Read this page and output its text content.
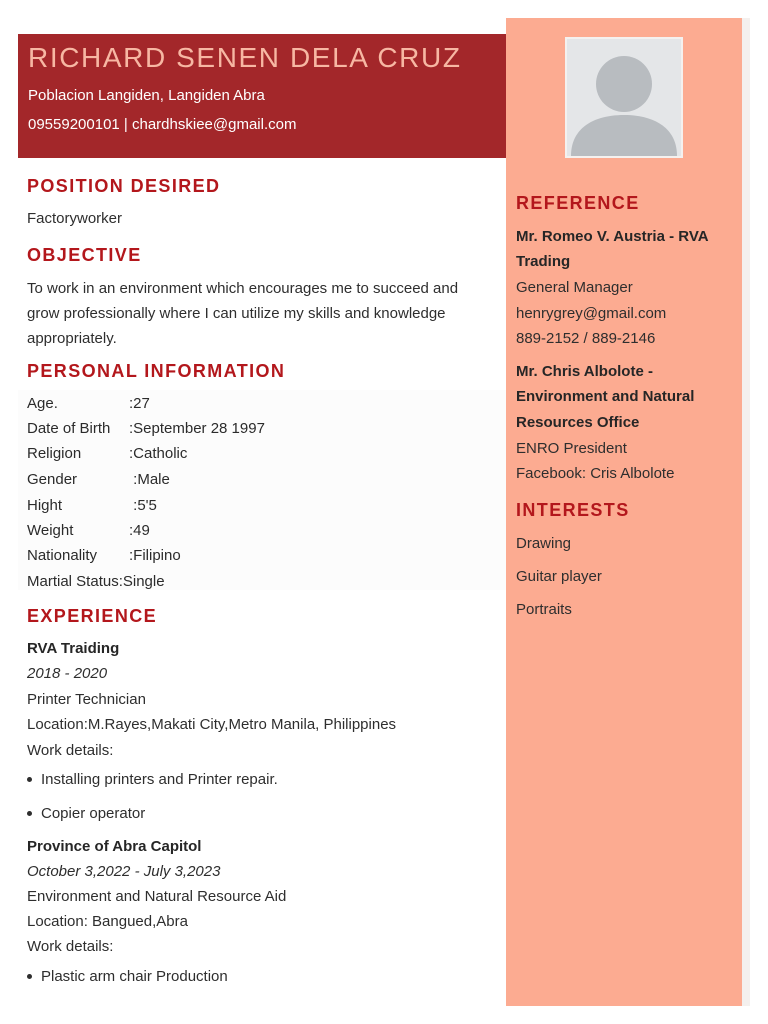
RICHARD SENEN DELA CRUZ
Poblacion Langiden, Langiden Abra
09559200101 | chardhskiee@gmail.com
POSITION DESIRED
Factoryworker
OBJECTIVE
To work in an environment which encourages me to succeed and grow professionally where I can utilize my skills and knowledge appropriately.
PERSONAL INFORMATION
Age.	:27
Date of Birth :September 28 1997
Religion	:Catholic
Gender	:Male
Hight	:5'5
Weight	:49
Nationality :Filipino
Martial Status:Single
EXPERIENCE
RVA Traiding
2018 - 2020
Printer Technician
Location:M.Rayes,Makati City,Metro Manila, Philippines
Work details:
Installing printers and Printer repair.
Copier operator
Province of Abra Capitol
October 3,2022 - July 3,2023
Environment and Natural Resource Aid
Location: Bangued,Abra
Work details:
Plastic arm chair Production
REFERENCE
Mr. Romeo V. Austria - RVA
Trading
General Manager
henrygrey@gmail.com
889-2152 / 889-2146
Mr. Chris Albolote -
Environment and Natural
Resources Office
ENRO President
Facebook: Cris Albolote
INTERESTS
Drawing
Guitar player
Portraits
